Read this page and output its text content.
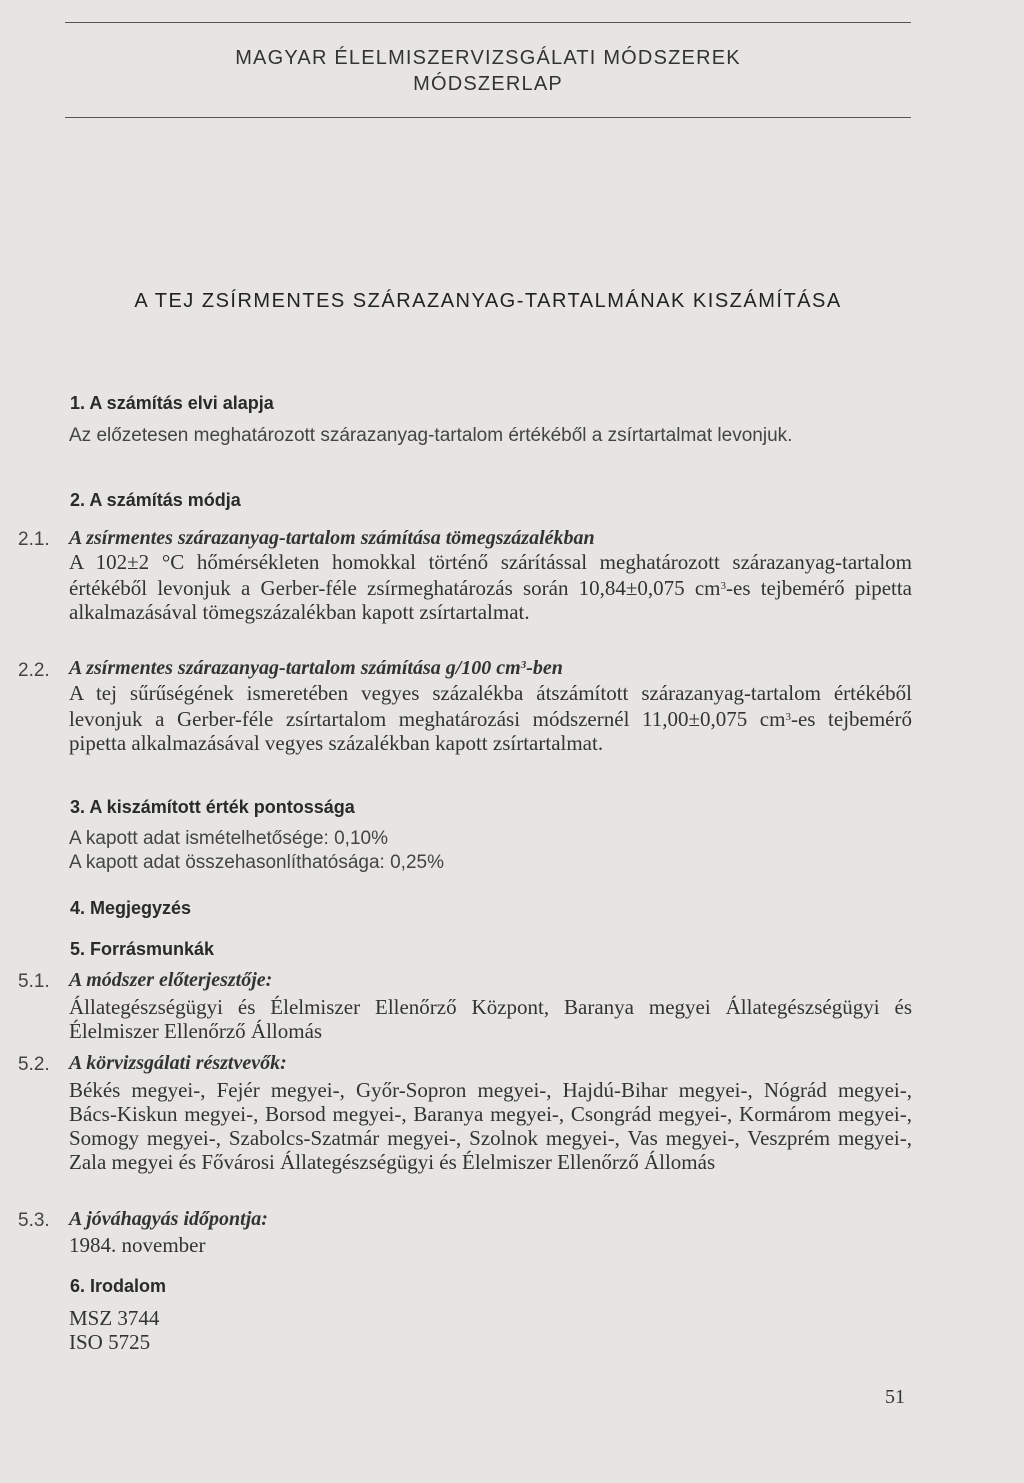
MAGYAR ÉLELMISZERVIZSGÁLATI MÓDSZEREK
MÓDSZERLAP
A TEJ ZSÍRMENTES SZÁRAZANYAG-TARTALMÁNAK KISZÁMÍTÁSA
1. A számítás elvi alapja

Az előzetesen meghatározott szárazanyag-tartalom értékéből a zsírtartalmat levonjuk.

2. A számítás módja
2.1. A zsírmentes szárazanyag-tartalom számítása tömegszázalékban

A 102±2 °C hőmérsékleten homokkal történő szárítással meghatározott szárazanyag-tartalom értékéből levonjuk a Gerber-féle zsírmeghatározás során 10,84±0,075 $cm^3-es$ tejbemérő pipetta alkalmazásával tömegszázalékban kapott zsírtartalmat.

2.2. A zsírmentes szárazanyag-tartalom számítása g/100 $cm^3$-ben

A tej sűrűségének ismeretében vegyes százalékba átszámított szárazanyag-tartalom értékéből levonjuk a Gerber-féle zsírtartalom meghatározási módszernél 11,00±0,075 $cm^3-es$ tejbemérő pipetta alkalmazásával vegyes százalékban kapott zsírtartalmat.

3. A kiszámított érték pontossága
A kapott adat ismételhetősége: 0,10%
A kapott adat összehasonlíthatósága: 0,25%
4. Megjegyzés
5. Forrásmunkák
5.1. A módszer előterjesztője:

Állategészségügyi és Élelmiszer Ellenőrző Központ, Baranya megyei Állategészségügyi és Élelmiszer Ellenőrző Állomás

5.2. A körvizsgálati résztvevők:

Békés megyei-, Fejér megyei-, Győr-Sopron megyei-, Hajdú-Bihar megyei-, Nógrád megyei-, Bács-Kiskun megyei-, Borsod megyei-, Baranya megyei-, Csongrád megyei-, Kormárom megyei-, Somogy megyei-, Szabolcs-Szatmár megyei-, Szolnok megyei-, Vas megyei-, Veszprém megyei-, Zala megyei és Fővárosi Állategészségügyi és Élelmiszer Ellenőrző Állomás

5.3. A jóváhagyás időpontja:
1984. november
6. Irodalom
MSZ 3744
ISO 5725
51
